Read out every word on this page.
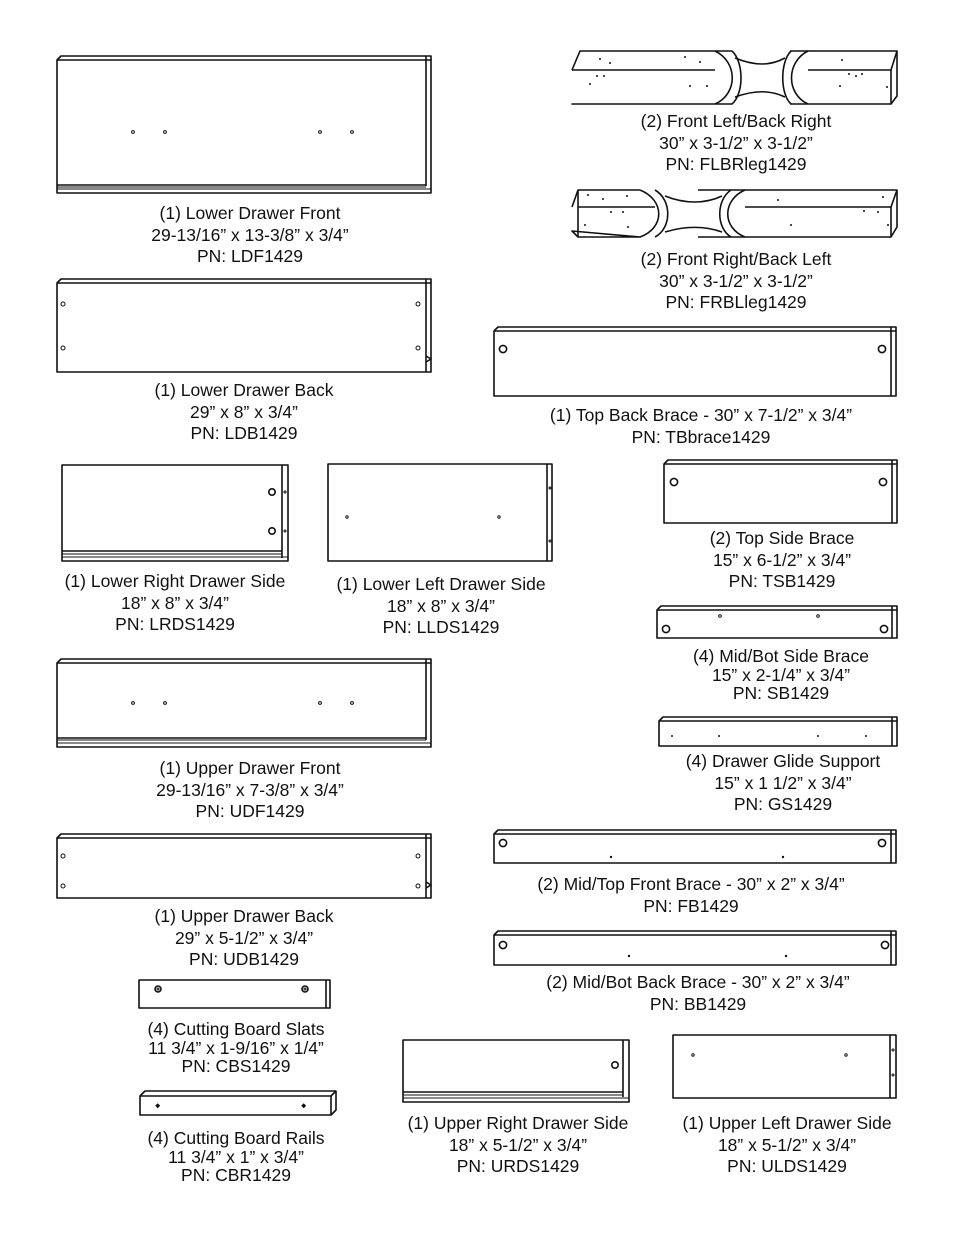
(1) Lower Drawer Front
29-13/16” x 13-3/8” x 3/4”
PN: LDF1429
(1) Lower Drawer Back
29” x 8” x 3/4”
PN: LDB1429
(1) Lower Right Drawer Side
18” x 8” x 3/4”
PN: LRDS1429
(1) Lower Left Drawer Side
18” x 8” x 3/4”
PN: LLDS1429
(1) Upper Drawer Front
29-13/16” x 7-3/8” x 3/4”
PN: UDF1429
(1) Upper Drawer Back
29” x 5-1/2” x 3/4”
PN: UDB1429
(4) Cutting Board Slats
11 3/4” x 1-9/16” x 1/4”
PN: CBS1429
(4) Cutting Board Rails
11 3/4” x 1” x 3/4”
PN: CBR1429
(1) Upper Right Drawer Side
18” x 5-1/2” x 3/4”
PN: URDS1429
(1) Upper Left Drawer Side
18” x 5-1/2” x 3/4”
PN: ULDS1429
(2) Front Left/Back Right
30” x 3-1/2” x 3-1/2”
PN: FLBRleg1429
(2) Front Right/Back Left
30” x 3-1/2” x 3-1/2”
PN: FRBLleg1429
(1) Top Back Brace - 30” x 7-1/2” x 3/4”
PN: TBbrace1429
(2) Top Side Brace
15” x 6-1/2” x 3/4”
PN: TSB1429
(4) Mid/Bot Side Brace
15” x 2-1/4” x 3/4”
PN: SB1429
(4) Drawer Glide Support
15” x 1 1/2” x 3/4”
PN: GS1429
(2) Mid/Top Front Brace - 30” x 2” x 3/4”
PN: FB1429
(2) Mid/Bot Back Brace - 30” x 2” x 3/4”
PN: BB1429
